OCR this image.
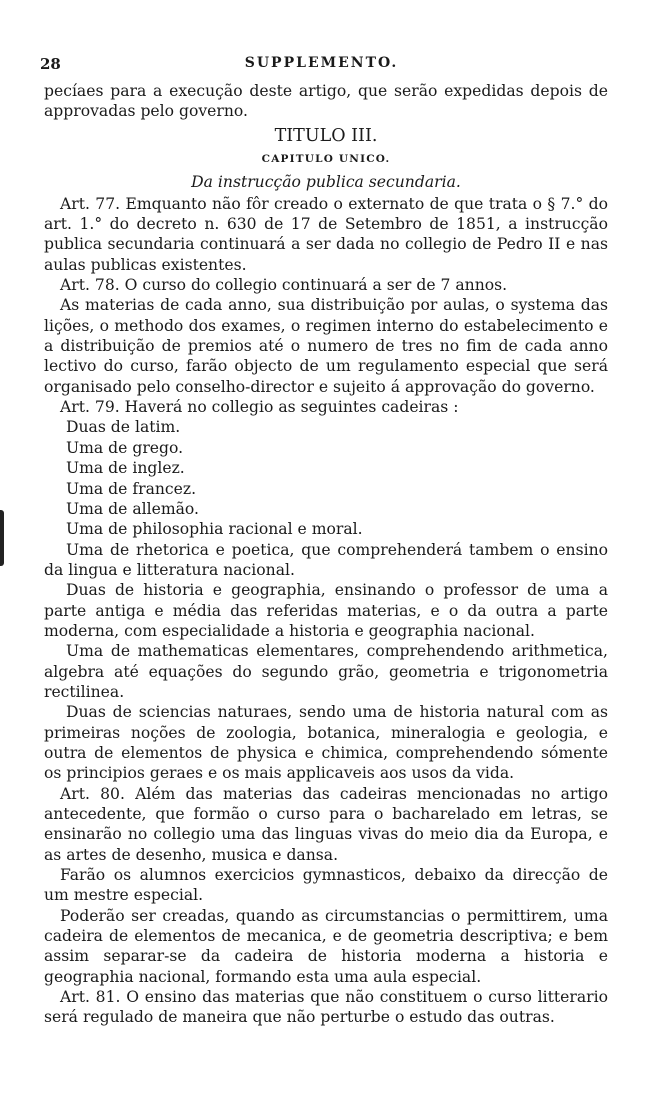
28	SUPPLEMENTO.

pecíaes para a execução deste artigo, que serão expedidas depois de approvadas pelo governo.

TITULO III.

CAPITULO UNICO.

Da instrucção publica secundaria.

Art. 77. Emquanto não fôr creado o externato de que trata o § 7.° do art. 1.° do decreto n. 630 de 17 de Setembro de 1851, a instrucção publica secundaria continuará a ser dada no collegio de Pedro II e nas aulas publicas existentes.

Art. 78. O curso do collegio continuará a ser de 7 annos.

As materias de cada anno, sua distribuição por aulas, o systema das lições, o methodo dos exames, o regimen interno do estabelecimento e a distribuição de premios até o numero de tres no fim de cada anno lectivo do curso, farão objecto de um regulamento especial que será organisado pelo conselho-director e sujeito á approvação do governo.

Art. 79. Haverá no collegio as seguintes cadeiras :

Duas de latim.

Uma de grego.

Uma de inglez.

Uma de francez.

Uma de allemão.

Uma de philosophia racional e moral.

Uma de rhetorica e poetica, que comprehenderá tambem o ensino da lingua e litteratura nacional.

Duas de historia e geographia, ensinando o professor de uma a parte antiga e média das referidas materias, e o da outra a parte moderna, com especialidade a historia e geographia nacional.

Uma de mathematicas elementares, comprehendendo arithmetica, algebra até equações do segundo grão, geometria e trigonometria rectilinea.

Duas de sciencias naturaes, sendo uma de historia natural com as primeiras noções de zoologia, botanica, mineralogia e geologia, e outra de elementos de physica e chimica, comprehendendo sómente os principios geraes e os mais applicaveis aos usos da vida.

Art. 80. Além das materias das cadeiras mencionadas no artigo antecedente, que formão o curso para o bacharelado em letras, se ensinarão no collegio uma das linguas vivas do meio dia da Europa, e as artes de desenho, musica e dansa.

Farão os alumnos exercicios gymnasticos, debaixo da direcção de um mestre especial.

Poderão ser creadas, quando as circumstancias o permittirem, uma cadeira de elementos de mecanica, e de geometria descriptiva; e bem assim separar-se da cadeira de historia moderna a historia e geographia nacional, formando esta uma aula especial.

Art. 81. O ensino das materias que não constituem o curso litterario será regulado de maneira que não perturbe o estudo das outras.
